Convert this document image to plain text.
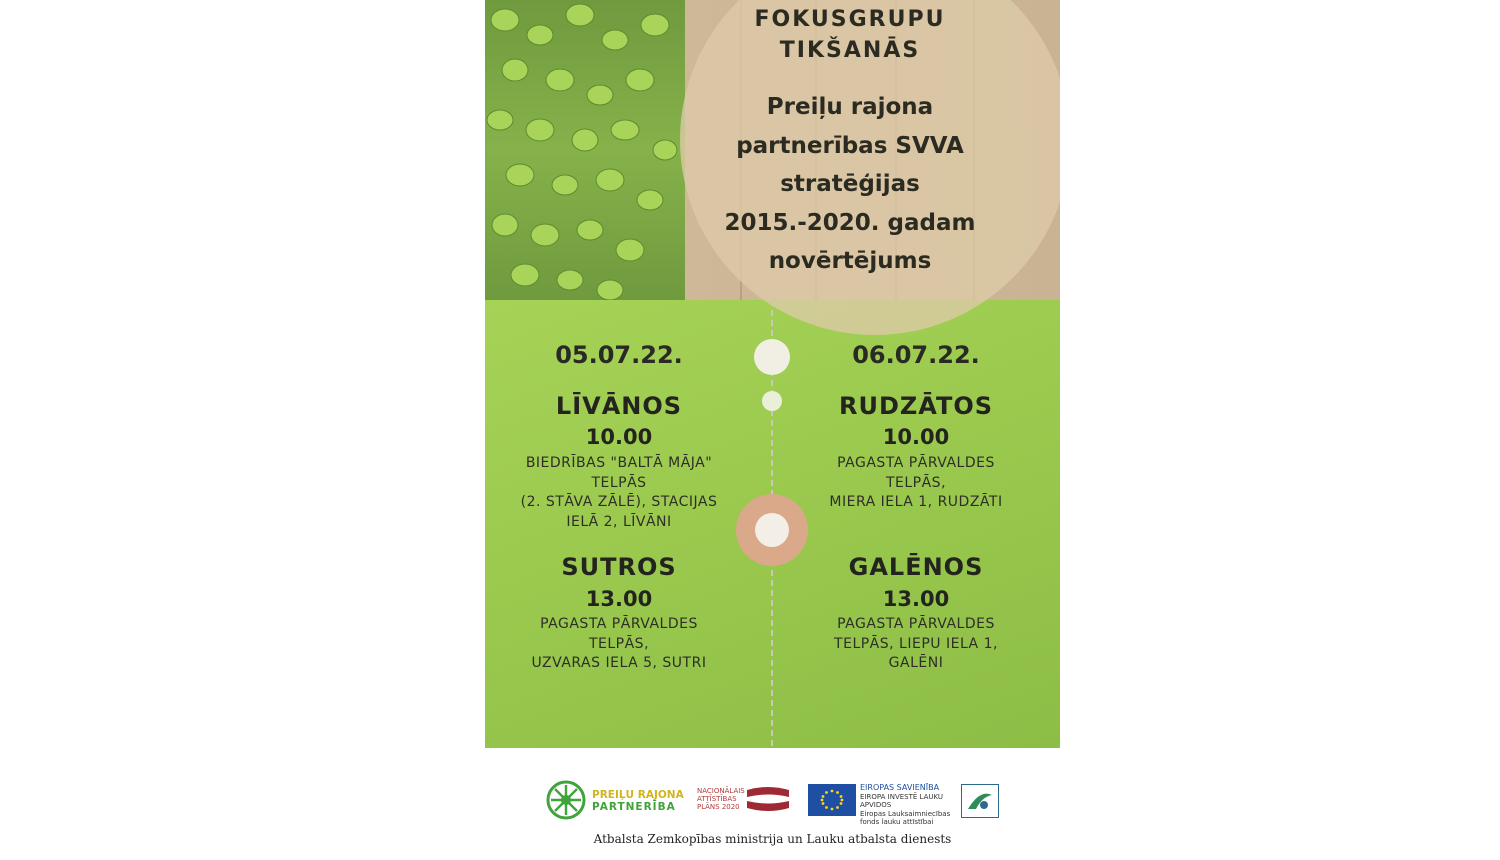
FOKUSGRUPU
TIKŠANĀS
Preiļu rajona
partnerības SVVA
stratēģijas
2015.-2020. gadam
novērtējums
05.07.22.
LĪVĀNOS
10.00
BIEDRĪBAS "BALTĀ MĀJA"
TELPĀS
(2. STĀVA ZĀLĒ), STACIJAS
IELĀ 2, LĪVĀNI
SUTROS
13.00
PAGASTA PĀRVALDES
TELPĀS,
UZVARAS IELA 5, SUTRI
06.07.22.
RUDZĀTOS
10.00
PAGASTA PĀRVALDES
TELPĀS,
MIERA IELA 1, RUDZĀTI
GALĒNOS
13.00
PAGASTA PĀRVALDES
TELPĀS, LIEPU IELA 1,
GALĒNI
PREIĻU RAJONA
PARTNERĪBA
NACIONĀLAIS ATTĪSTĪBAS PLĀNS 2020
EIROPAS SAVIENĪBA
EIROPA INVESTĒ LAUKU APVIDOS
Eiropas Lauksaimniecības fonds lauku attīstībai
Atbalsta Zemkopības ministrija un Lauku atbalsta dienests
